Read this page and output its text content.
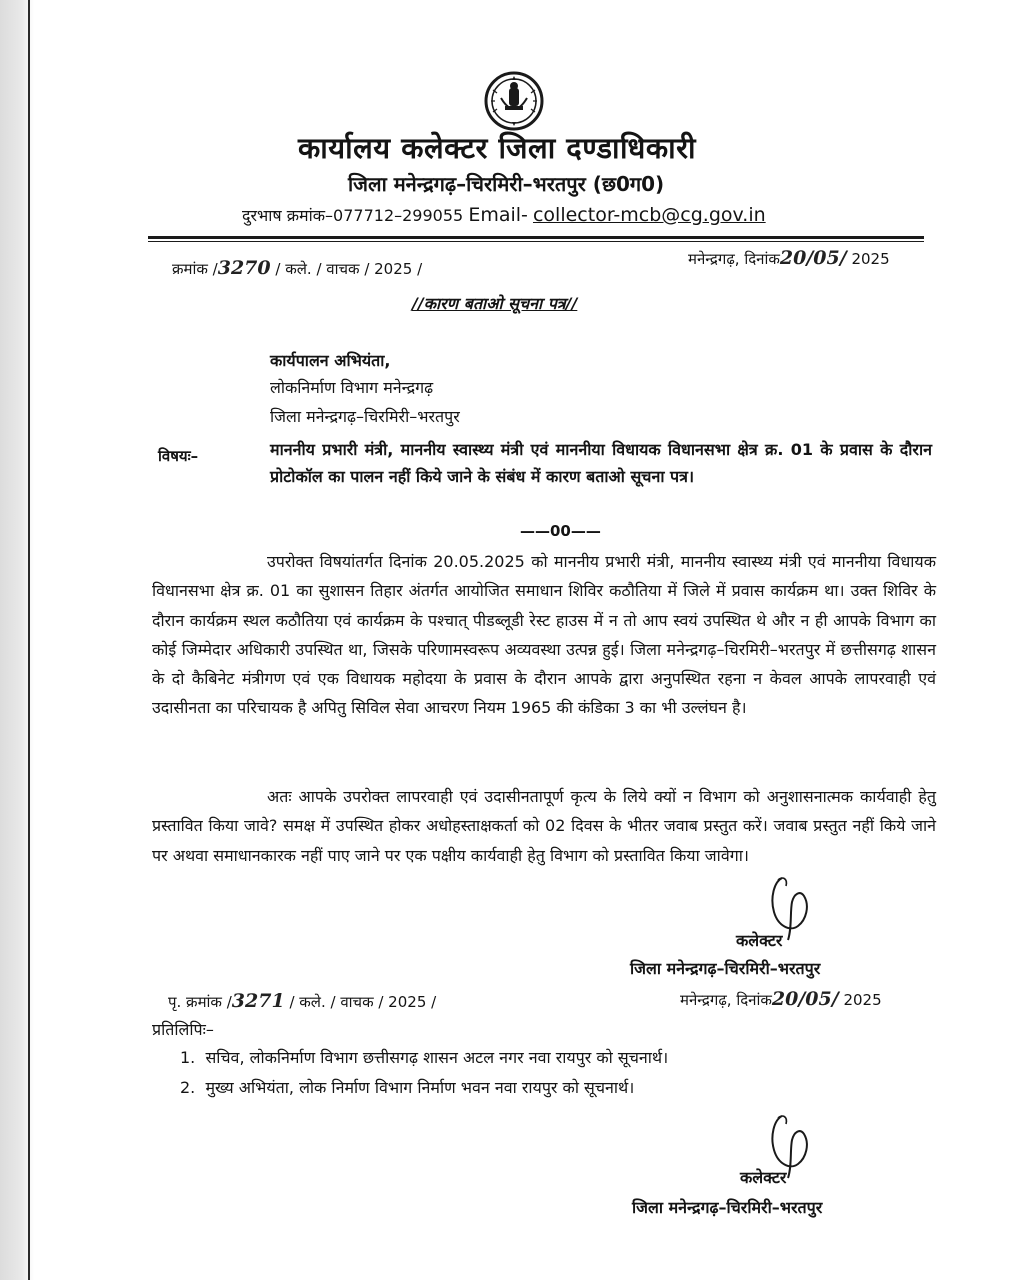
कार्यालय कलेक्टर जिला दण्डाधिकारी
जिला मनेन्द्रगढ़–चिरमिरी–भरतपुर (छ0ग0)
दुरभाष क्रमांक–077712–299055 Email- collector-mcb@cg.gov.in
क्रमांक /3270 / कले. / वाचक / 2025 /
मनेन्द्रगढ़, दिनांक20/05/ 2025
//कारण बताओ सूचना पत्र//
कार्यपालन अभियंता,
लोकनिर्माण विभाग मनेन्द्रगढ़
जिला मनेन्द्रगढ़–चिरमिरी–भरतपुर
विषयः–	माननीय प्रभारी मंत्री, माननीय स्वास्थ्य मंत्री एवं माननीया विधायक विधानसभा क्षेत्र क्र. 01 के प्रवास के दौरान प्रोटोकॉल का पालन नहीं किये जाने के संबंध में कारण बताओ सूचना पत्र।
——00——
उपरोक्त विषयांतर्गत दिनांक 20.05.2025 को माननीय प्रभारी मंत्री, माननीय स्वास्थ्य मंत्री एवं माननीया विधायक विधानसभा क्षेत्र क्र. 01 का सुशासन तिहार अंतर्गत आयोजित समाधान शिविर कठौतिया में जिले में प्रवास कार्यक्रम था। उक्त शिविर के दौरान कार्यक्रम स्थल कठौतिया एवं कार्यक्रम के पश्चात् पीडब्लूडी रेस्ट हाउस में न तो आप स्वयं उपस्थित थे और न ही आपके विभाग का कोई जिम्मेदार अधिकारी उपस्थित था, जिसके परिणामस्वरूप अव्यवस्था उत्पन्न हुई। जिला मनेन्द्रगढ़–चिरमिरी–भरतपुर में छत्तीसगढ़ शासन के दो कैबिनेट मंत्रीगण एवं एक विधायक महोदया के प्रवास के दौरान आपके द्वारा अनुपस्थित रहना न केवल आपके लापरवाही एवं उदासीनता का परिचायक है अपितु सिविल सेवा आचरण नियम 1965 की कंडिका 3 का भी उल्लंघन है।
अतः आपके उपरोक्त लापरवाही एवं उदासीनतापूर्ण कृत्य के लिये क्यों न विभाग को अनुशासनात्मक कार्यवाही हेतु प्रस्तावित किया जावे? समक्ष में उपस्थित होकर अधोहस्ताक्षकर्ता को 02 दिवस के भीतर जवाब प्रस्तुत करें। जवाब प्रस्तुत नहीं किये जाने पर अथवा समाधानकारक नहीं पाए जाने पर एक पक्षीय कार्यवाही हेतु विभाग को प्रस्तावित किया जावेगा।
कलेक्टर
जिला मनेन्द्रगढ़–चिरमिरी–भरतपुर
पृ. क्रमांक /3271 / कले. / वाचक / 2025 /	मनेन्द्रगढ़, दिनांक20/05/ 2025
प्रतिलिपिः–
1. सचिव, लोकनिर्माण विभाग छत्तीसगढ़ शासन अटल नगर नवा रायपुर को सूचनार्थ।
2. मुख्य अभियंता, लोक निर्माण विभाग निर्माण भवन नवा रायपुर को सूचनार्थ।
कलेक्टर
जिला मनेन्द्रगढ़–चिरमिरी–भरतपुर
